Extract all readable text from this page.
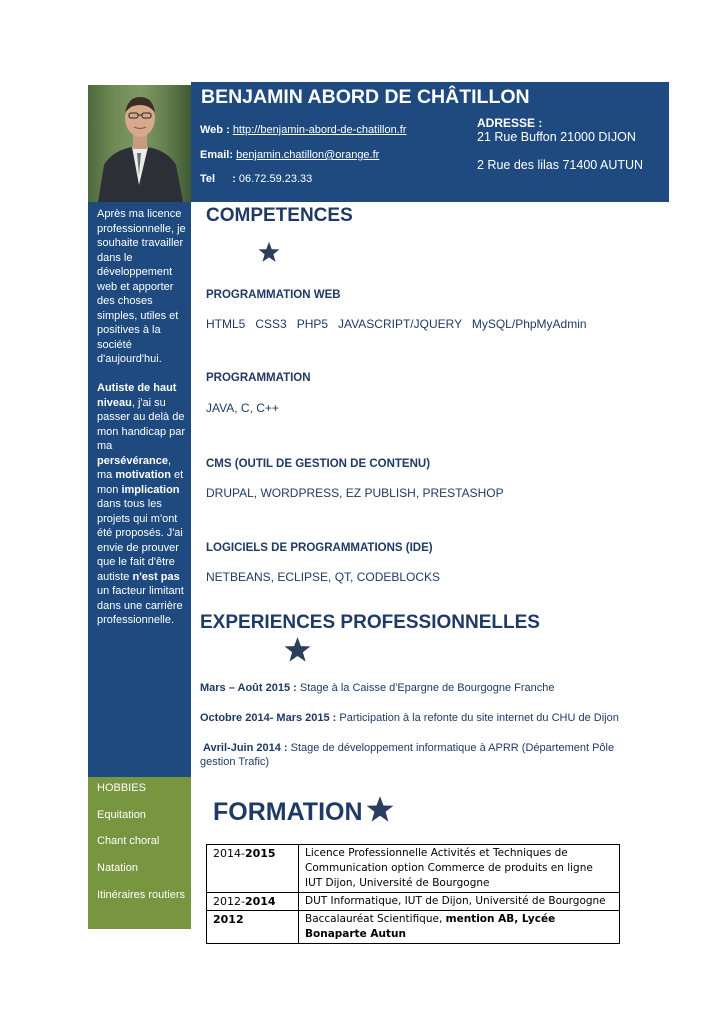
BENJAMIN ABORD DE CHÂTILLON
Web : http://benjamin-abord-de-chatillon.fr
Email: benjamin.chatillon@orange.fr
Tel : 06.72.59.23.33
ADRESSE :
21 Rue Buffon 21000 DIJON
2 Rue des lilas 71400 AUTUN

Après ma licence professionnelle, je souhaite travailler dans le développement web et apporter des choses simples, utiles et positives à la société d'aujourd'hui.

Autiste de haut niveau, j'ai su passer au delà de mon handicap par ma persévérance, ma motivation et mon implication dans tous les projets qui m'ont été proposés. J'ai envie de prouver que le fait d'être autiste n'est pas un facteur limitant dans une carrière professionnelle.

HOBBIES
Equitation
Chant choral
Natation
Itinéraires routiers
COMPETENCES
PROGRAMMATION WEB
HTML5   CSS3   PHP5   JAVASCRIPT/JQUERY   MySQL/PhpMyAdmin
PROGRAMMATION
JAVA, C, C++
CMS (OUTIL DE GESTION DE CONTENU)
DRUPAL, WORDPRESS, EZ PUBLISH, PRESTASHOP
LOGICIELS DE PROGRAMMATIONS (IDE)
NETBEANS, ECLIPSE, QT, CODEBLOCKS
EXPERIENCES PROFESSIONNELLES
Mars – Août 2015 : Stage à la Caisse d'Epargne de Bourgogne Franche
Octobre 2014- Mars 2015 : Participation à la refonte du site internet du CHU de Dijon
Avril-Juin 2014 : Stage de développement informatique à APRR (Département Pôle gestion Trafic)
FORMATION
2014-2015	Licence Professionnelle Activités et Techniques de Communication option Commerce de produits en ligne IUT Dijon, Université de Bourgogne
2012-2014	DUT Informatique, IUT de Dijon, Université de Bourgogne
2012	Baccalauréat Scientifique, mention AB, Lycée Bonaparte Autun
